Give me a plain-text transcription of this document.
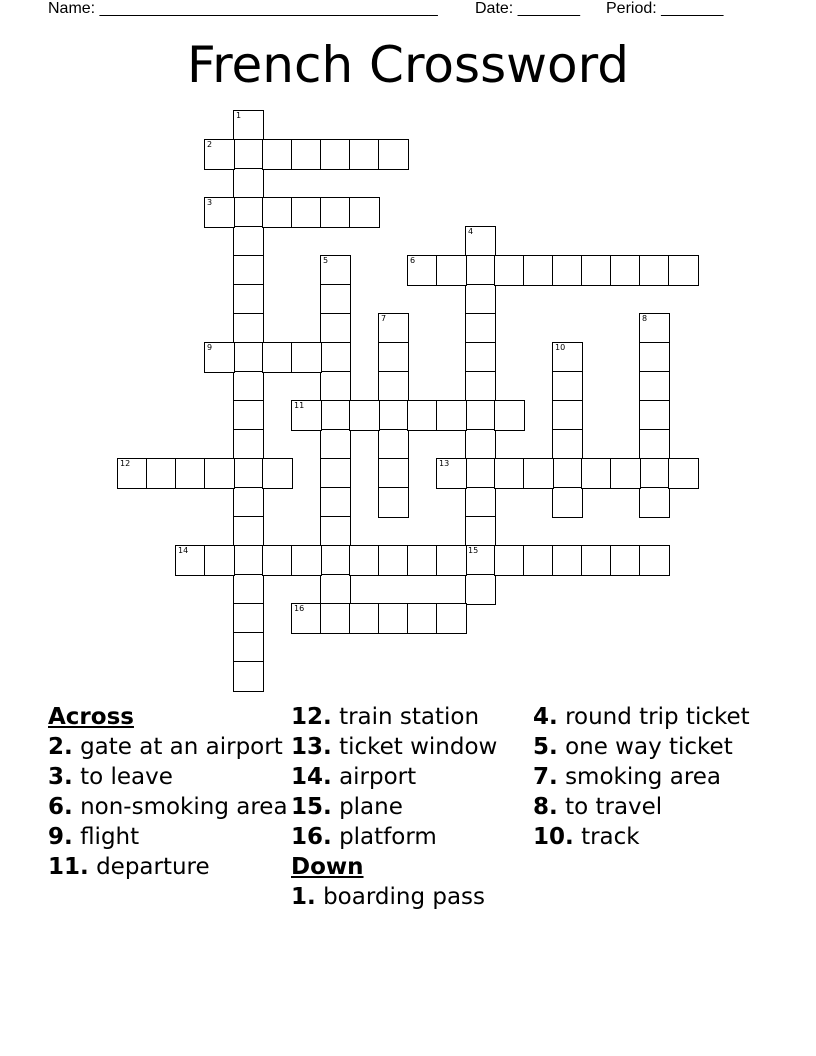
Name: ______________________________________ Date: _______ Period: _______
French Crossword
1
2
3
4
15
5	6
7	8
9	10
11
12	13
14
16
Across
2. gate at an airport
3. to leave
6. non-smoking area
9. flight
11. departure
12. train station
13. ticket window
14. airport
15. plane
16. platform
Down
1. boarding pass
4. round trip ticket
5. one way ticket
7. smoking area
8. to travel
10. track
